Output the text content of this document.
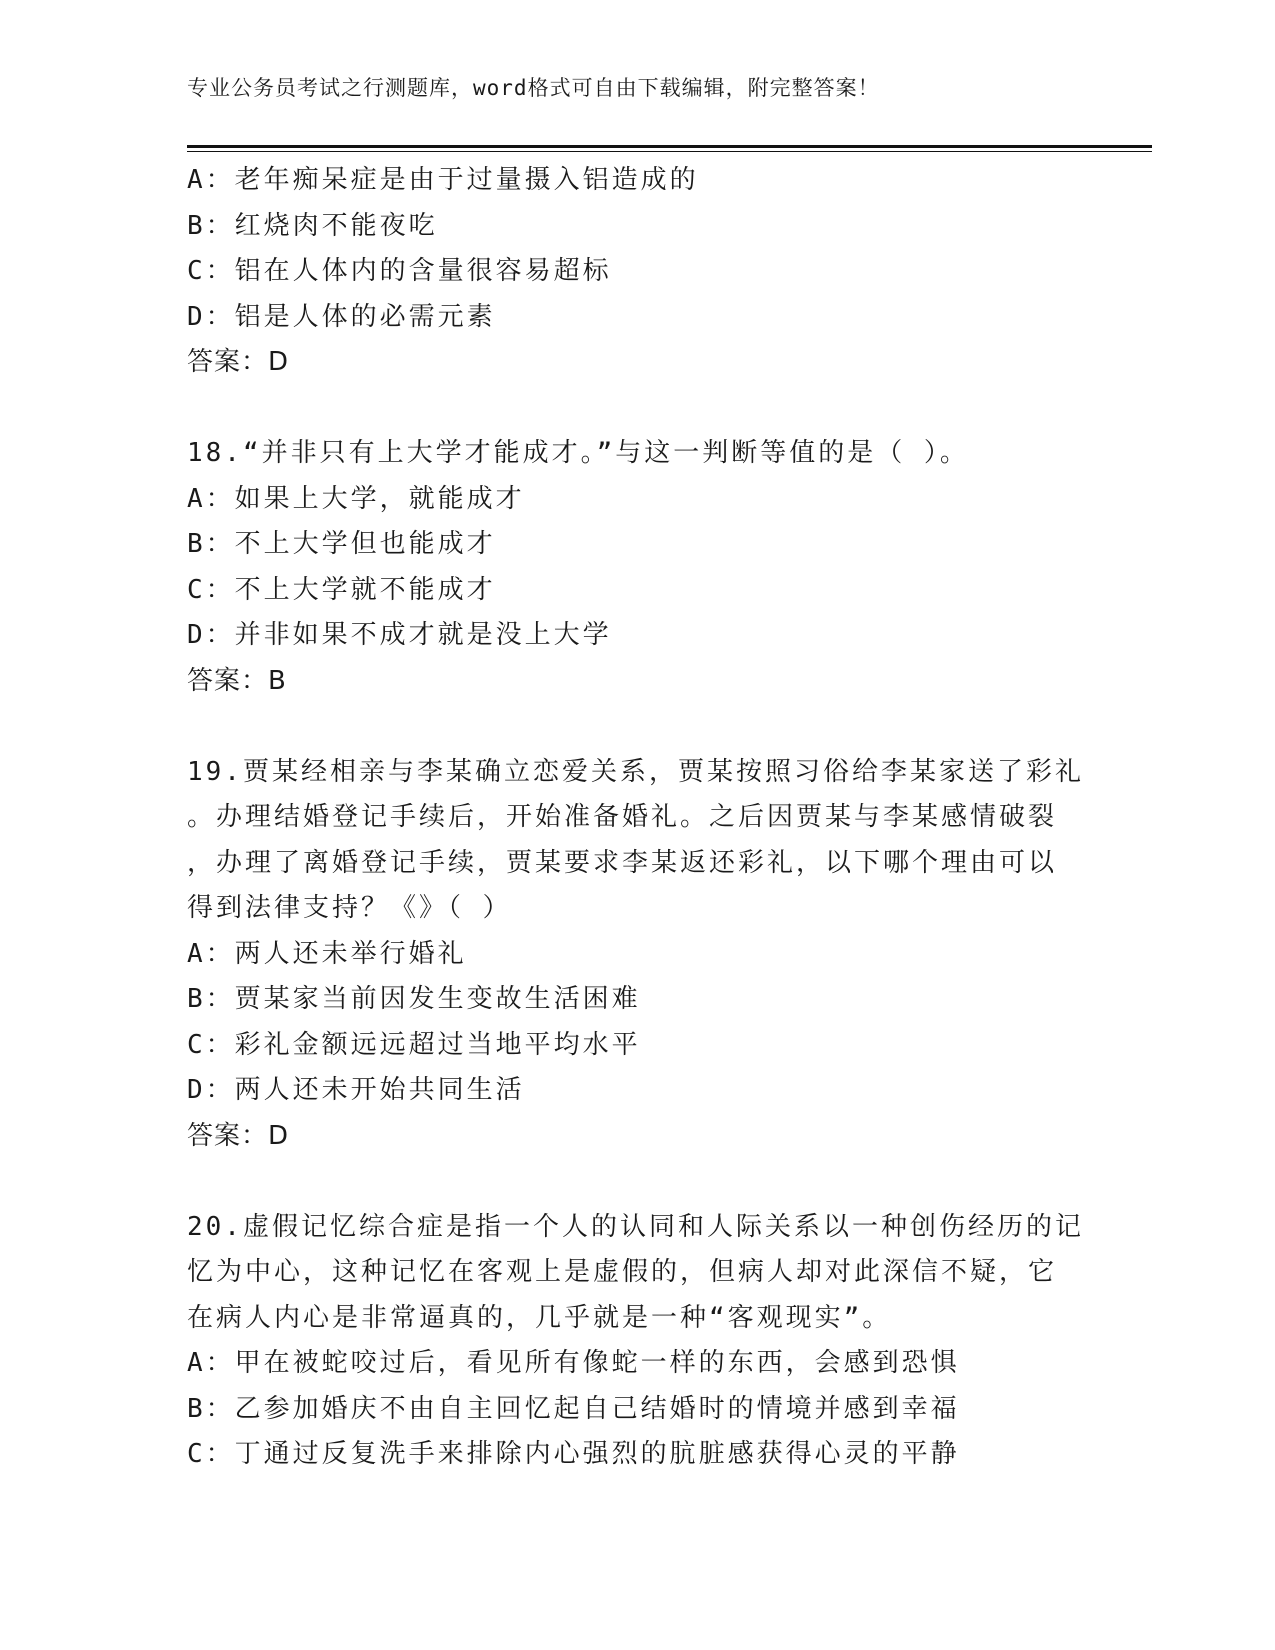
专业公务员考试之行测题库，word格式可自由下载编辑，附完整答案！
A：老年痴呆症是由于过量摄入铝造成的
B：红烧肉不能夜吃
C：铝在人体内的含量很容易超标
D：铝是人体的必需元素
答案：D
18.“并非只有上大学才能成才。”与这一判断等值的是（ ）。
A：如果上大学，就能成才
B：不上大学但也能成才
C：不上大学就不能成才
D：并非如果不成才就是没上大学
答案：B
19.贾某经相亲与李某确立恋爱关系，贾某按照习俗给李某家送了彩礼
。办理结婚登记手续后，开始准备婚礼。之后因贾某与李某感情破裂
，办理了离婚登记手续，贾某要求李某返还彩礼，以下哪个理由可以
得到法律支持？《》（ ）
A：两人还未举行婚礼
B：贾某家当前因发生变故生活困难
C：彩礼金额远远超过当地平均水平
D：两人还未开始共同生活
答案：D
20.虚假记忆综合症是指一个人的认同和人际关系以一种创伤经历的记
忆为中心，这种记忆在客观上是虚假的，但病人却对此深信不疑，它
在病人内心是非常逼真的，几乎就是一种“客观现实”。
A：甲在被蛇咬过后，看见所有像蛇一样的东西，会感到恐惧
B：乙参加婚庆不由自主回忆起自己结婚时的情境并感到幸福
C：丁通过反复洗手来排除内心强烈的肮脏感获得心灵的平静
